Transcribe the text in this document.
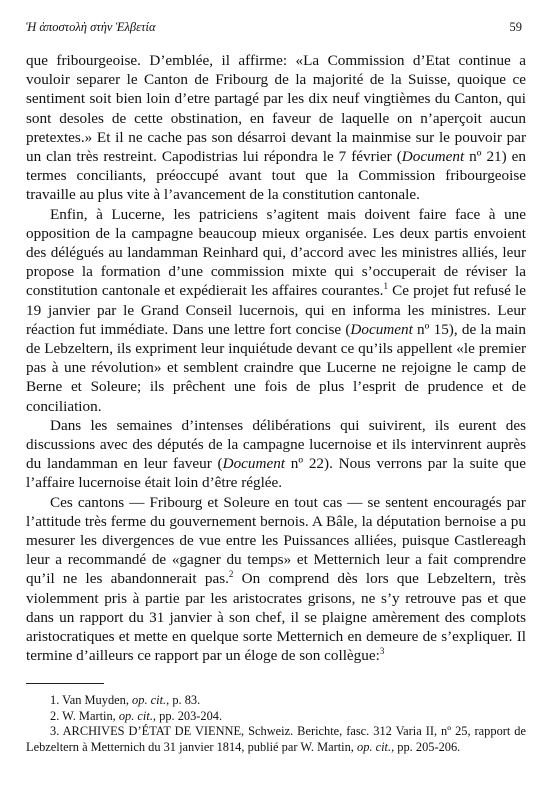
Ἡ ἀποστολὴ στὴν Ἑλβετία	59

que fribourgeoise. D’emblée, il affirme: «La Commission d’Etat continue a vouloir separer le Canton de Fribourg de la majorité de la Suisse, quoique ce sentiment soit bien loin d’etre partagé par les dix neuf vingtièmes du Canton, qui sont desoles de cette obstination, en faveur de laquelle on n’aperçoit aucun pretextes.» Et il ne cache pas son désarroi devant la mainmise sur le pouvoir par un clan très restreint. Capodistrias lui répondra le 7 février (Document nº 21) en termes conciliants, préoccupé avant tout que la Commission fribourgeoise travaille au plus vite à l’avancement de la constitution cantonale.

Enfin, à Lucerne, les patriciens s’agitent mais doivent faire face à une opposition de la campagne beaucoup mieux organisée. Les deux partis envoient des délégués au landamman Reinhard qui, d’accord avec les ministres alliés, leur propose la formation d’une commission mixte qui s’occuperait de réviser la constitution cantonale et expédierait les affaires courantes.$^1$ Ce projet fut refusé le 19 janvier par le Grand Conseil lucernois, qui en informa les ministres. Leur réaction fut immédiate. Dans une lettre fort concise (Document nº 15), de la main de Lebzeltern, ils expriment leur inquiétude devant ce qu’ils appellent «le premier pas à une révolution» et semblent craindre que Lucerne ne rejoigne le camp de Berne et Soleure; ils prêchent une fois de plus l’esprit de prudence et de conciliation.

Dans les semaines d’intenses délibérations qui suivirent, ils eurent des discussions avec des députés de la campagne lucernoise et ils intervinrent auprès du landamman en leur faveur (Document nº 22). Nous verrons par la suite que l’affaire lucernoise était loin d’être réglée.

Ces cantons — Fribourg et Soleure en tout cas — se sentent encouragés par l’attitude très ferme du gouvernement bernois. A Bâle, la députation bernoise a pu mesurer les divergences de vue entre les Puissances alliées, puisque Castlereagh leur a recommandé de «gagner du temps» et Metternich leur a fait comprendre qu’il ne les abandonnerait pas.$^2$ On comprend dès lors que Lebzeltern, très violemment pris à partie par les aristocrates grisons, ne s’y retrouve pas et que dans un rapport du 31 janvier à son chef, il se plaigne amèrement des complots aristocratiques et mette en quelque sorte Metternich en demeure de s’expliquer. Il termine d’ailleurs ce rapport par un éloge de son collègue:$^3$

1. Van Muyden, op. cit., p. 83.

2. W. Martin, op. cit., pp. 203-204.

3. ARCHIVES D’ÉTAT DE VIENNE, Schweiz. Berichte, fasc. 312 Varia II, nº 25, rapport de Lebzeltern à Metternich du 31 janvier 1814, publié par W. Martin, op. cit., pp. 205-206.
